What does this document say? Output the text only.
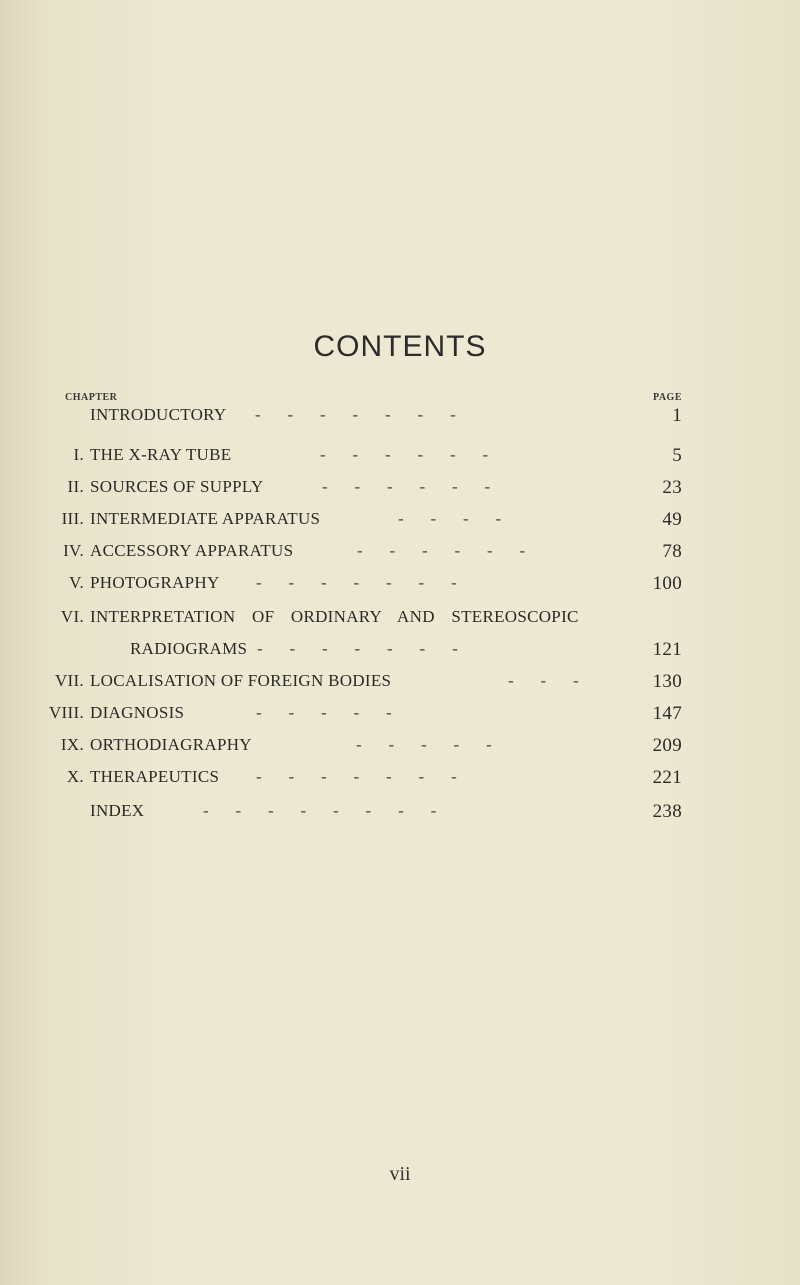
CONTENTS
CHAPTER	PAGE
INTRODUCTORY - - - - - - -	1
I. THE X-RAY TUBE	- - - - - -	5
II. SOURCES OF SUPPLY	- - - - - -	23
III. INTERMEDIATE APPARATUS	- - - -	49
IV. ACCESSORY APPARATUS	- - - - - -	78
V. PHOTOGRAPHY - - - - - - -	100
VI. INTERPRETATION OF ORDINARY AND STEREOSCOPIC
RADIOGRAMS - - - - - - -	121
VII. LOCALISATION OF FOREIGN BODIES	- - -	130
VIII. DIAGNOSIS	- - - - -	147
IX. ORTHODIAGRAPHY	- - - - -	209
X. THERAPEUTICS - - - - - - -	221
INDEX	- - - - - - - -	238
vii
